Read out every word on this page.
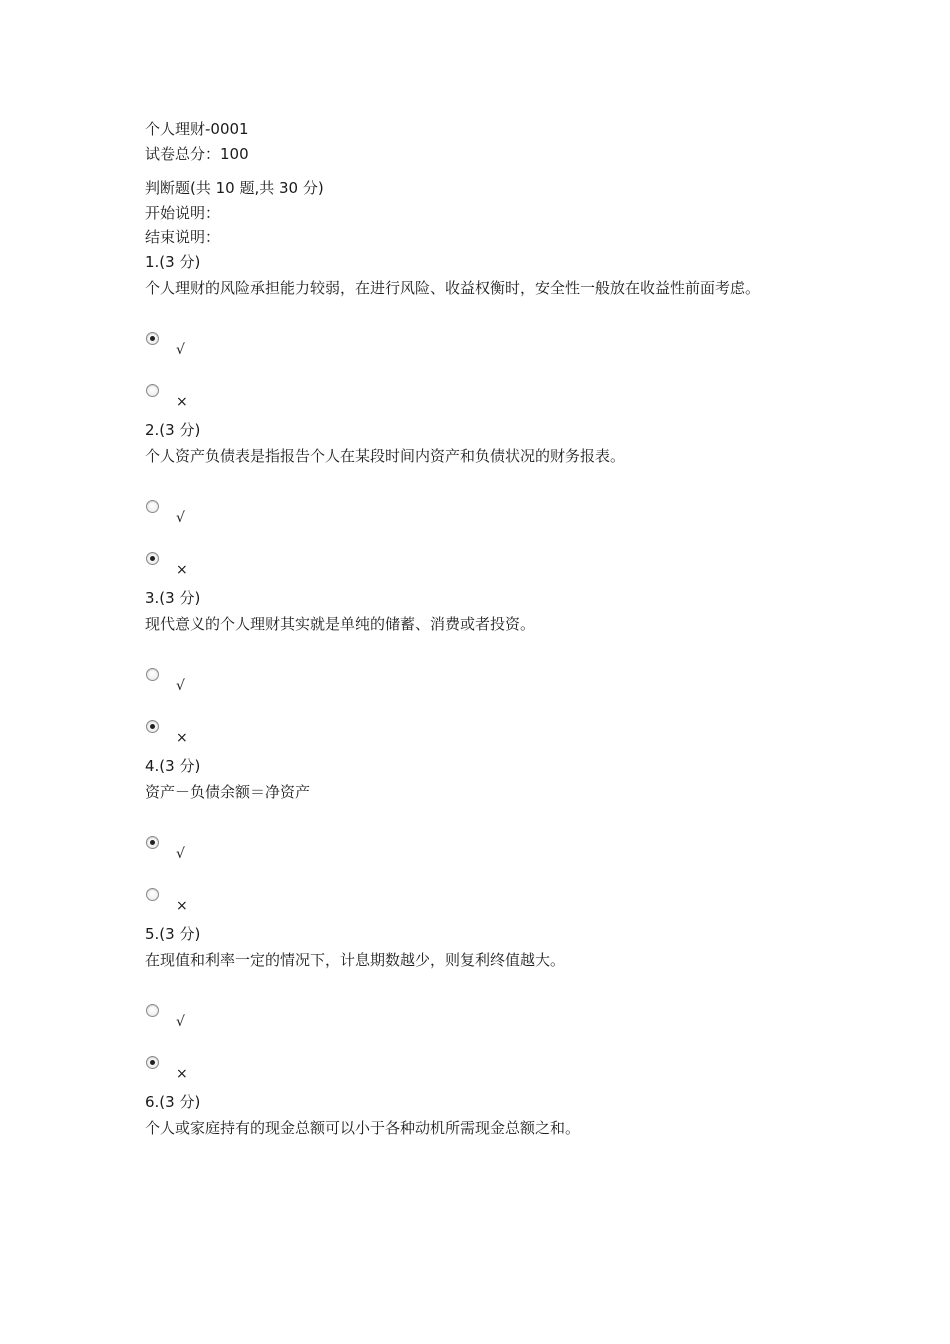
个人理财-0001
试卷总分：100
判断题(共 10 题,共 30 分)
开始说明：
结束说明：
1.(3 分)
个人理财的风险承担能力较弱，在进行风险、收益权衡时，安全性一般放在收益性前面考虑。
√
×
2.(3 分)
个人资产负债表是指报告个人在某段时间内资产和负债状况的财务报表。
√
×
3.(3 分)
现代意义的个人理财其实就是单纯的储蓄、消费或者投资。
√
×
4.(3 分)
资产－负债余额＝净资产
√
×
5.(3 分)
在现值和利率一定的情况下，计息期数越少，则复利终值越大。
√
×
6.(3 分)
个人或家庭持有的现金总额可以小于各种动机所需现金总额之和。
